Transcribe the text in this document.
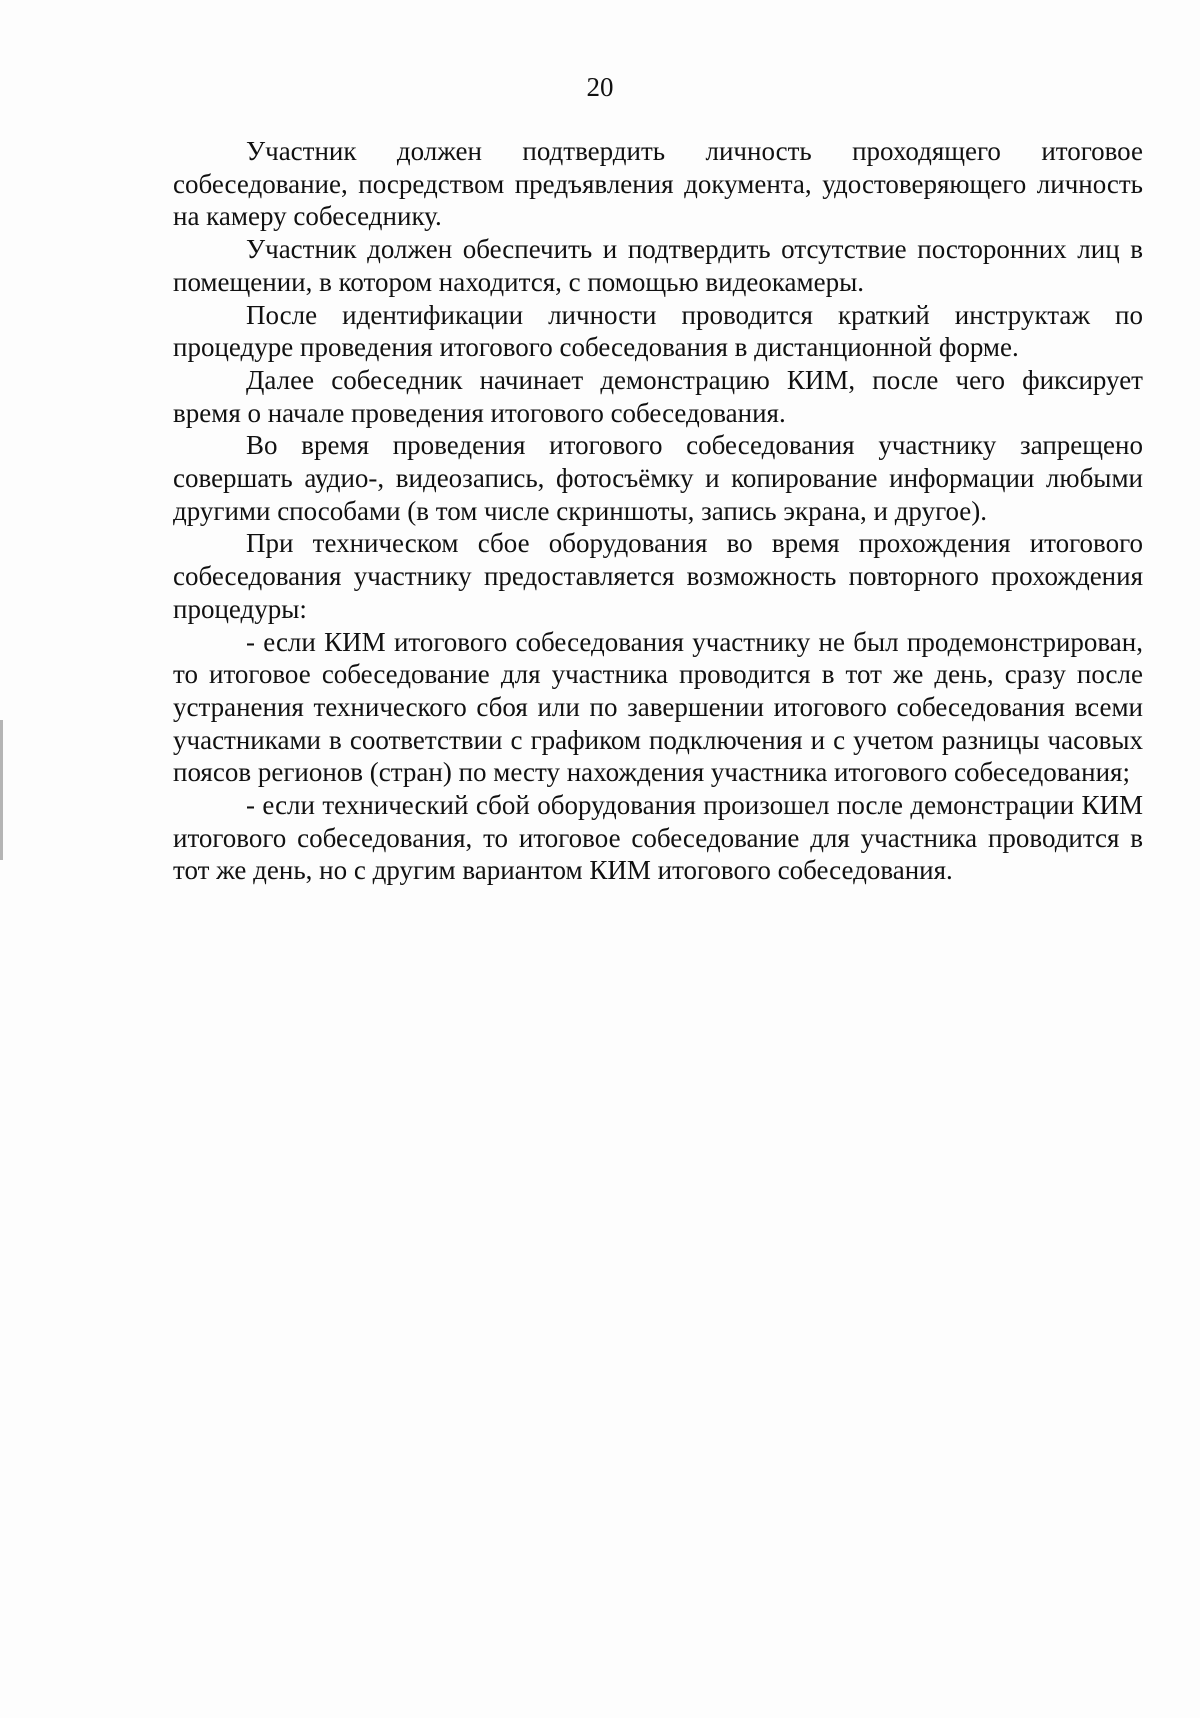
20

Участник должен подтвердить личность проходящего итоговое собеседование, посредством предъявления документа, удостоверяющего личность на камеру собеседнику.

Участник должен обеспечить и подтвердить отсутствие посторонних лиц в помещении, в котором находится, с помощью видеокамеры.

После идентификации личности проводится краткий инструктаж по процедуре проведения итогового собеседования в дистанционной форме.

Далее собеседник начинает демонстрацию КИМ, после чего фиксирует время о начале проведения итогового собеседования.

Во время проведения итогового собеседования участнику запрещено совершать аудио-, видеозапись, фотосъёмку и копирование информации любыми другими способами (в том числе скриншоты, запись экрана, и другое).

При техническом сбое оборудования во время прохождения итогового собеседования участнику предоставляется возможность повторного прохождения процедуры:

- если КИМ итогового собеседования участнику не был продемонстрирован, то итоговое собеседование для участника проводится в тот же день, сразу после устранения технического сбоя или по завершении итогового собеседования всеми участниками в соответствии с графиком подключения и с учетом разницы часовых поясов регионов (стран) по месту нахождения участника итогового собеседования;

- если технический сбой оборудования произошел после демонстрации КИМ итогового собеседования, то итоговое собеседование для участника проводится в тот же день, но с другим вариантом КИМ итогового собеседования.
